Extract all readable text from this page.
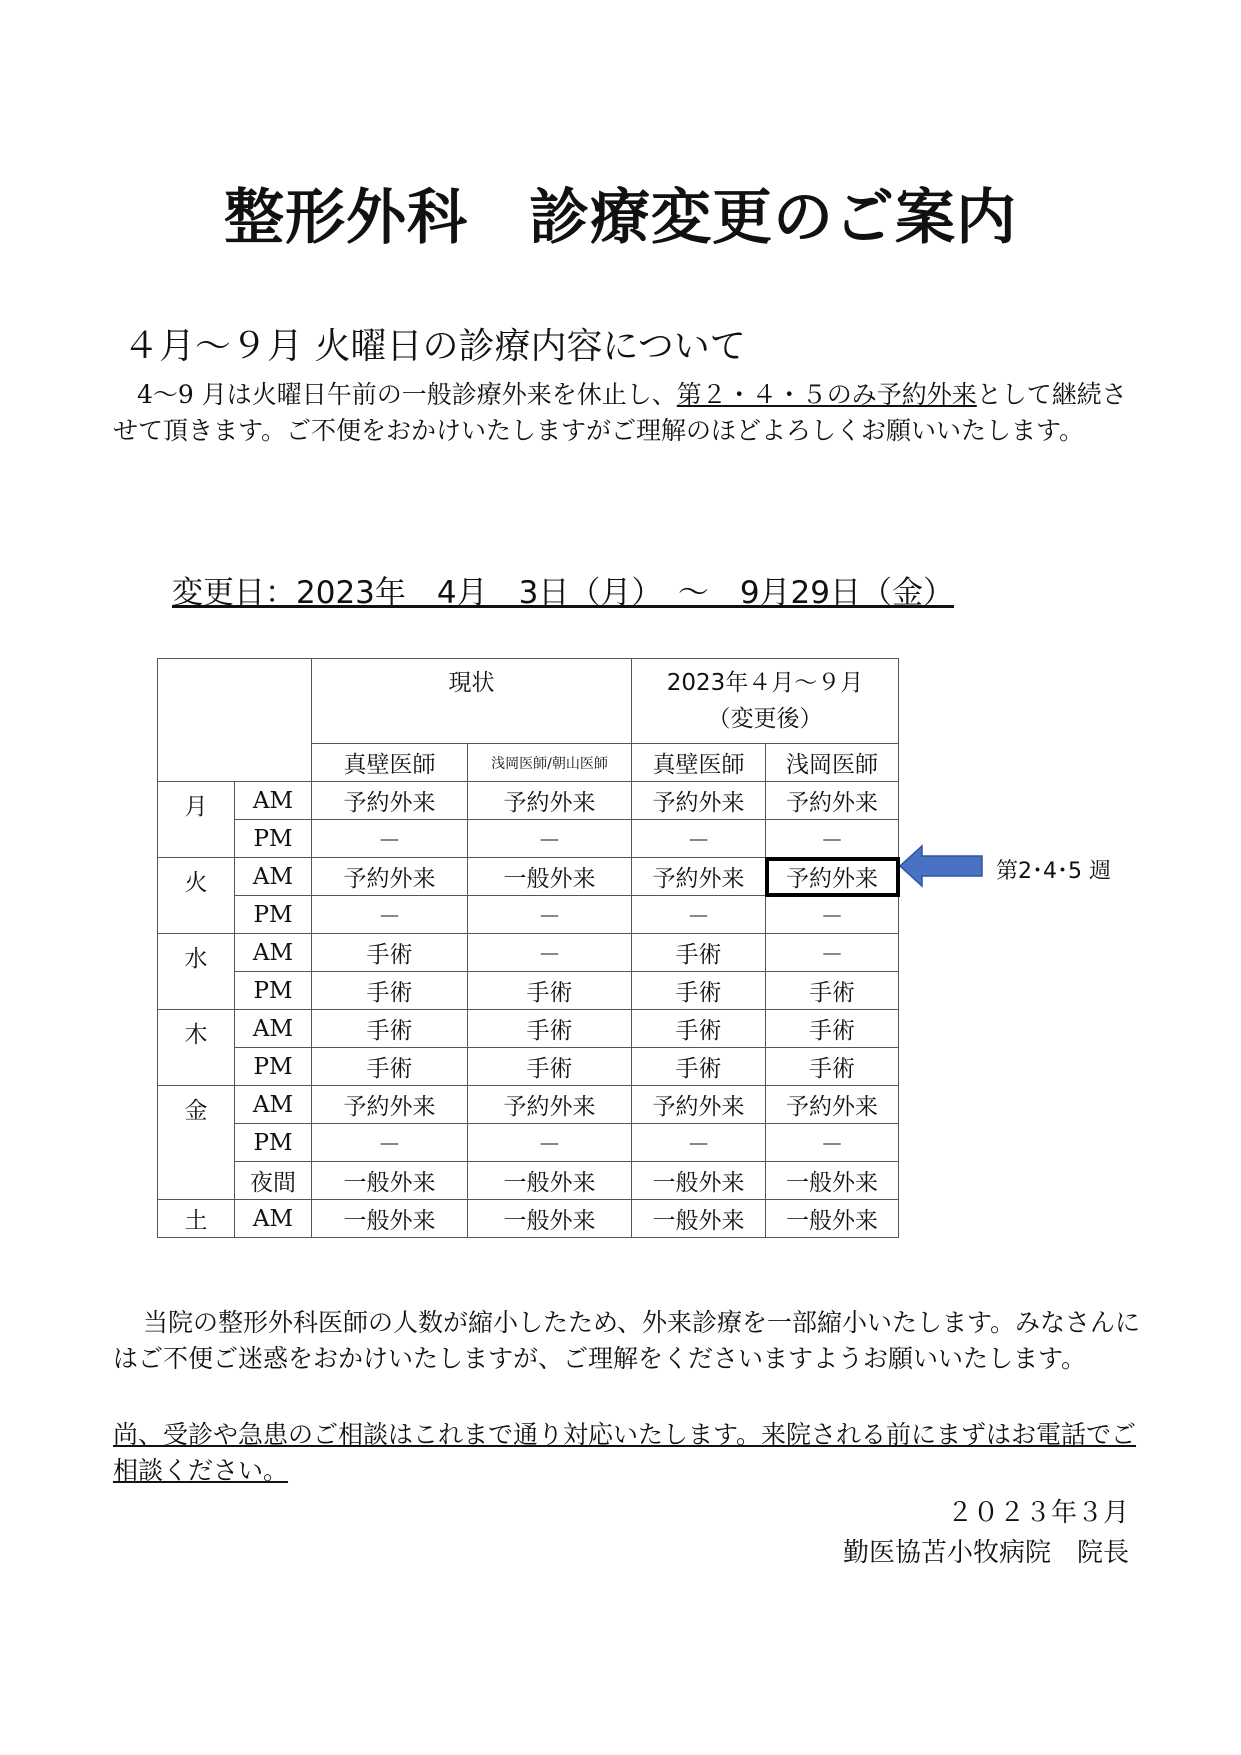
整形外科　診療変更のご案内
４月～９月 火曜日の診療内容について
4～9 月は火曜日午前の一般診療外来を休止し、第２・４・５のみ予約外来として継続させて頂きます。ご不便をおかけいたしますがご理解のほどよろしくお願いいたします。
変更日：2023年　4月　3日（月）　～　9月29日（金）
		現状		2023年４月～９月
（変更後）	

		真壁医師	浅岡医師/朝山医師	真壁医師	浅岡医師
月	AM	予約外来	予約外来	予約外来	予約外来
	PM	－	－	－	－
火	AM	予約外来	一般外来	予約外来	予約外来
	PM	－	－	－	－
水	AM	手術	－	手術	－
	PM	手術	手術	手術	手術
木	AM	手術	手術	手術	手術
	PM	手術	手術	手術	手術
金	AM	予約外来	予約外来	予約外来	予約外来
	PM	－	－	－	－
	夜間	一般外来	一般外来	一般外来	一般外来
土	AM	一般外来	一般外来	一般外来	一般外来
第2･4･5 週
当院の整形外科医師の人数が縮小したため、外来診療を一部縮小いたします。みなさんにはご不便ご迷惑をおかけいたしますが、ご理解をくださいますようお願いいたします。
尚、受診や急患のご相談はこれまで通り対応いたします。来院される前にまずはお電話でご相談ください。
２０２３年３月
勤医協苫小牧病院　院長
